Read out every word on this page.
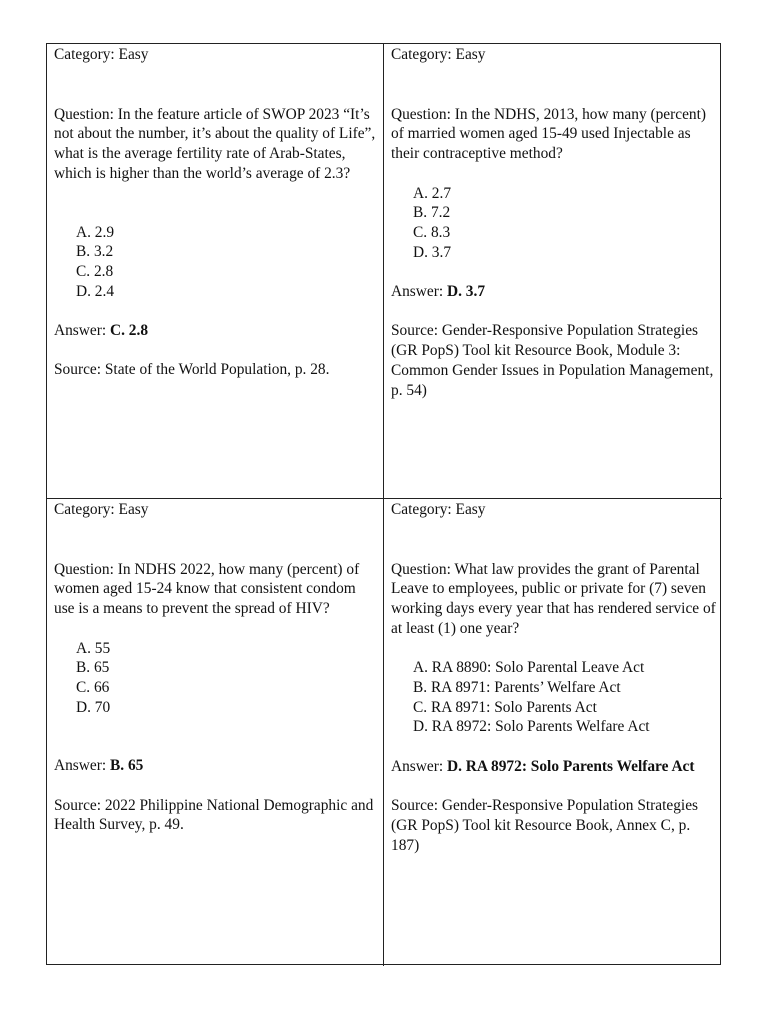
Category: Easy

Question: In the feature article of SWOP 2023 “It’s not about the number, it’s about the quality of Life”, what is the average fertility rate of Arab-States, which is higher than the world’s average of 2.3?

A. 2.9
B. 3.2
C. 2.8
D. 2.4

Answer: C. 2.8

Source: State of the World Population, p. 28.

Category: Easy

Question: In the NDHS, 2013, how many (percent) of married women aged 15-49 used Injectable as their contraceptive method?

A. 2.7
B. 7.2
C. 8.3
D. 3.7

Answer: D. 3.7

Source: Gender-Responsive Population Strategies (GR PopS) Tool kit Resource Book, Module 3: Common Gender Issues in Population Management, p. 54)

Category: Easy

Question: In NDHS 2022, how many (percent) of women aged 15-24 know that consistent condom use is a means to prevent the spread of HIV?

A. 55
B. 65
C. 66
D. 70

Answer: B. 65

Source: 2022 Philippine National Demographic and Health Survey, p. 49.

Category: Easy

Question: What law provides the grant of Parental Leave to employees, public or private for (7) seven working days every year that has rendered service of at least (1) one year?

A. RA 8890: Solo Parental Leave Act
B. RA 8971: Parents’ Welfare Act
C. RA 8971: Solo Parents Act
D. RA 8972: Solo Parents Welfare Act

Answer: D. RA 8972: Solo Parents Welfare Act

Source: Gender-Responsive Population Strategies (GR PopS) Tool kit Resource Book, Annex C, p. 187)
